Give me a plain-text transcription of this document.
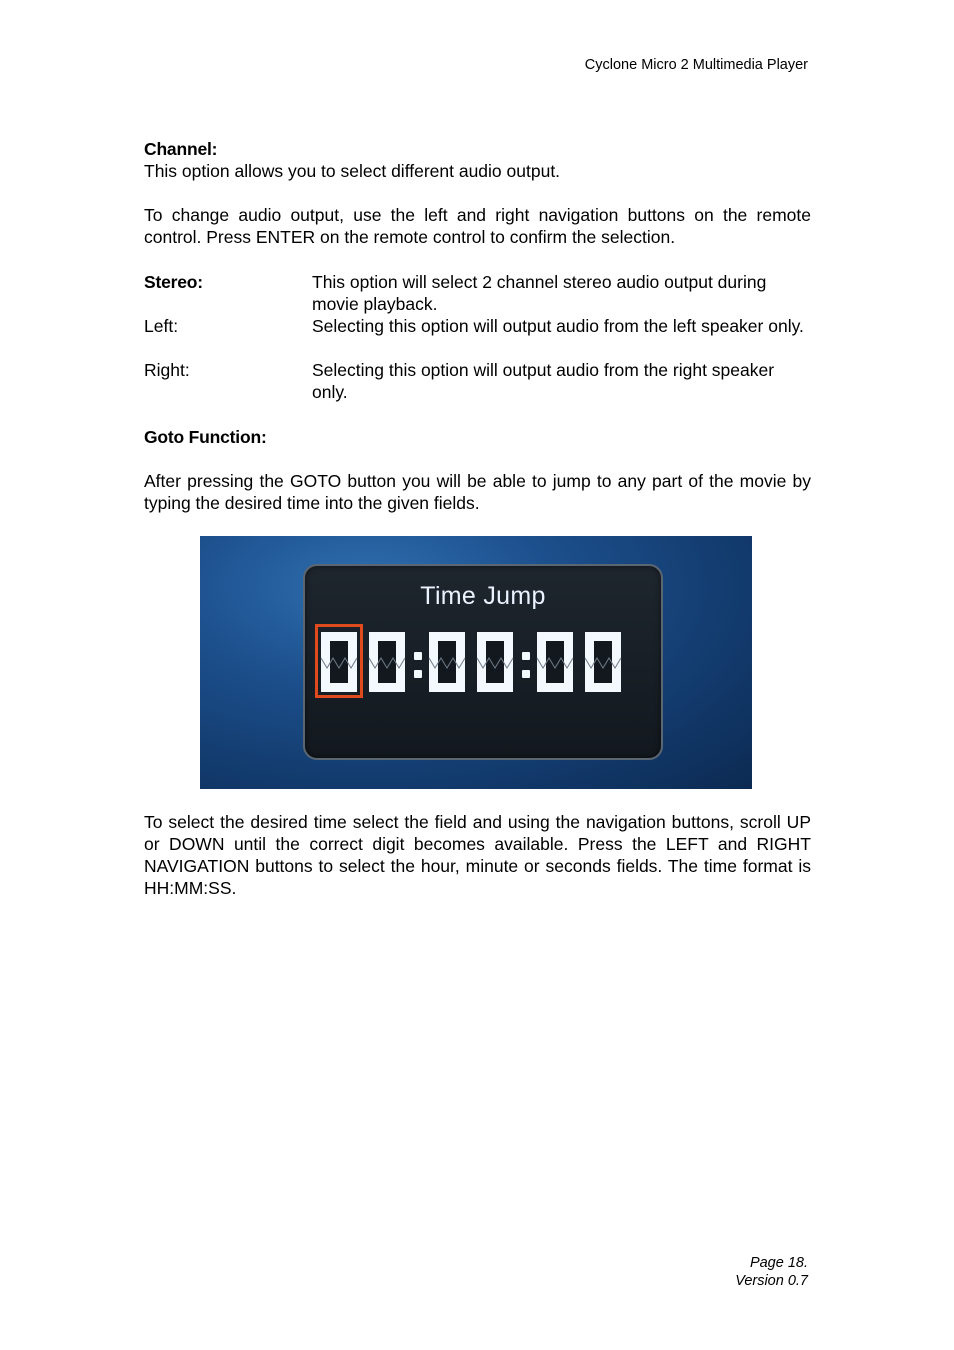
Cyclone Micro 2 Multimedia Player
Channel:
This option allows you to select different audio output.
To change audio output, use the left and right navigation buttons on the remote control. Press ENTER on the remote control to confirm the selection.
Stereo:	This option will select 2 channel stereo audio output during movie playback.
Left:	Selecting this option will output audio from the left speaker only.
Right:	Selecting this option will output audio from the right speaker only.
Goto Function:
After pressing the GOTO button you will be able to jump to any part of the movie by typing the desired time into the given fields.
Time Jump
To select the desired time select the field and using the navigation buttons, scroll UP or DOWN until the correct digit becomes available. Press the LEFT and RIGHT NAVIGATION buttons to select the hour, minute or seconds fields. The time format is HH:MM:SS.
Page 18.
Version 0.7
